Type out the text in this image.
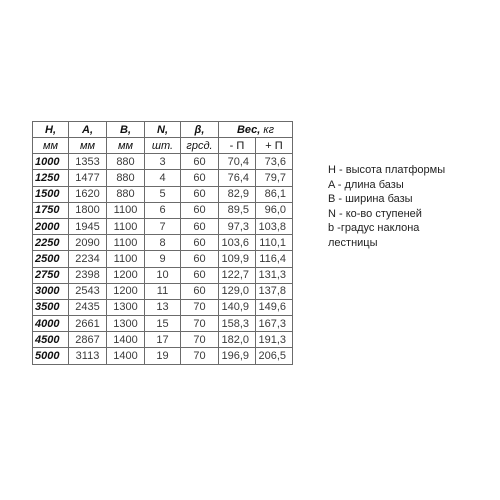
H,	A,	B,	N,	β,	Вес, кг	
мм	мм	мм	шт.	грсд.	- П	+ П
1000	1353	880	3	60	70,4	73,6
1250	1477	880	4	60	76,4	79,7
1500	1620	880	5	60	82,9	86,1
1750	1800	1100	6	60	89,5	96,0
2000	1945	1100	7	60	97,3	103,8
2250	2090	1100	8	60	103,6	110,1
2500	2234	1100	9	60	109,9	116,4
2750	2398	1200	10	60	122,7	131,3
3000	2543	1200	11	60	129,0	137,8
3500	2435	1300	13	70	140,9	149,6
4000	2661	1300	15	70	158,3	167,3
4500	2867	1400	17	70	182,0	191,3
5000	3113	1400	19	70	196,9	206,5
H - высота платформы
A - длина базы
B - ширина базы
N - ко-во ступеней
b -градус наклона
лестницы
